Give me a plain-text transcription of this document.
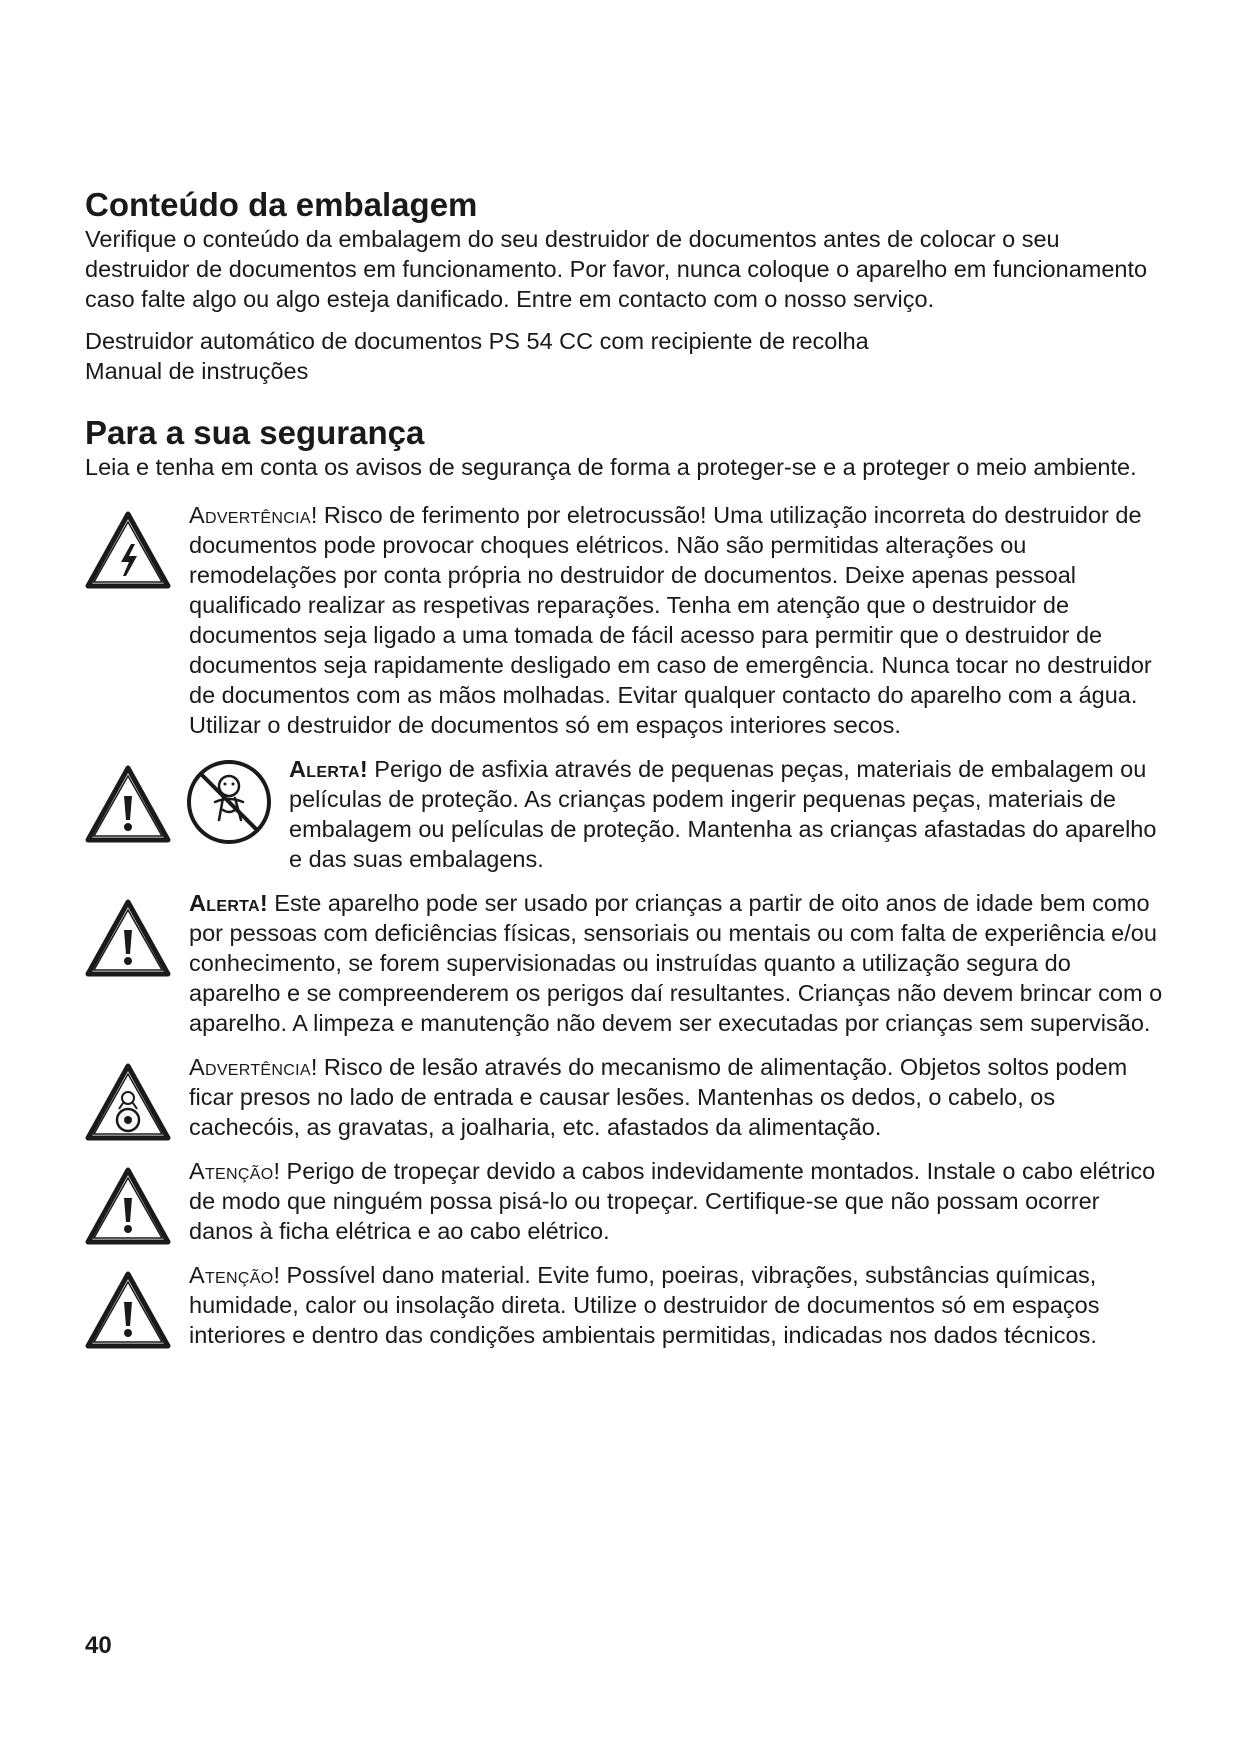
Conteúdo da embalagem

Verifique o conteúdo da embalagem do seu destruidor de documentos antes de colocar o seu destruidor de documentos em funcionamento. Por favor, nunca coloque o aparelho em funcionamento caso falte algo ou algo esteja danificado. Entre em contacto com o nosso serviço.

Destruidor automático de documentos PS 54 CC com recipiente de recolha

Manual de instruções

Para a sua segurança

Leia e tenha em conta os avisos de segurança de forma a proteger-se e a proteger o meio ambiente.

Advertência! Risco de ferimento por eletrocussão! Uma utilização incorreta do destruidor de documentos pode provocar choques elétricos. Não são permitidas alterações ou remodelações por conta própria no destruidor de documentos. Deixe apenas pessoal qualificado realizar as respetivas reparações. Tenha em atenção que o destruidor de documentos seja ligado a uma tomada de fácil acesso para permitir que o destruidor de documentos seja rapidamente desligado em caso de emergência. Nunca tocar no destruidor de documentos com as mãos molhadas. Evitar qualquer contacto do aparelho com a água. Utilizar o destruidor de documentos só em espaços interiores secos.

Alerta! Perigo de asfixia através de pequenas peças, materiais de embalagem ou películas de proteção. As crianças podem ingerir pequenas peças, materiais de embalagem ou películas de proteção. Mantenha as crianças afastadas do aparelho e das suas embalagens.

Alerta! Este aparelho pode ser usado por crianças a partir de oito anos de idade bem como por pessoas com deficiências físicas, sensoriais ou mentais ou com falta de experiência e/ou conhecimento, se forem supervisionadas ou instruídas quanto a utilização segura do aparelho e se compreenderem os perigos daí resultantes. Crianças não devem brincar com o aparelho. A limpeza e manutenção não devem ser executadas por crianças sem supervisão.

Advertência! Risco de lesão através do mecanismo de alimentação. Objetos soltos podem ficar presos no lado de entrada e causar lesões. Mantenhas os dedos, o cabelo, os cachecóis, as gravatas, a joalharia, etc. afastados da alimentação.

Atenção! Perigo de tropeçar devido a cabos indevidamente montados. Instale o cabo elétrico de modo que ninguém possa pisá-lo ou tropeçar. Certifique-se que não possam ocorrer danos à ficha elétrica e ao cabo elétrico.

Atenção! Possível dano material. Evite fumo, poeiras, vibrações, substâncias químicas, humidade, calor ou insolação direta. Utilize o destruidor de documentos só em espaços interiores e dentro das condições ambientais permitidas, indicadas nos dados técnicos.

40
